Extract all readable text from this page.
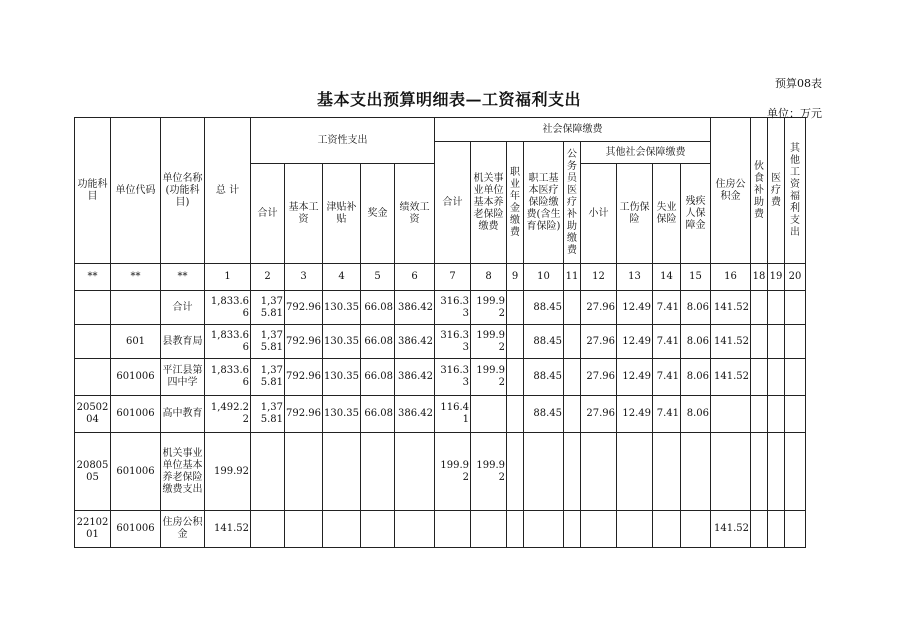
预算08表
基本支出预算明细表—工资福利支出
单位：万元
功能科目	单位代码	单位名称(功能科目)	总 计	工资性支出					社会保障缴费									住房公积金	伙食补助费	医疗费	其他工资福利支出
									合计	机关事业单位基本养老保险缴费	职业年金缴费	职工基本医疗保险缴费(含生育保险)	公务员医疗补助缴费	其他社会保障缴费							
				合计	基本工资	津贴补贴	奖金	绩效工资						小计	工伤保险	失业保险	残疾人保障金				

**	**	**	1	2	3	4	5	6	7	8	9	10	11	12	13	14	15	16	18	19	20
		合计	1,833.66	1,375.81	792.96	130.35	66.08	386.42	316.33	199.92		88.45		27.96	12.49	7.41	8.06	141.52			
	601	县教育局	1,833.66	1,375.81	792.96	130.35	66.08	386.42	316.33	199.92		88.45		27.96	12.49	7.41	8.06	141.52			
	601006	平江县第四中学	1,833.66	1,375.81	792.96	130.35	66.08	386.42	316.33	199.92		88.45		27.96	12.49	7.41	8.06	141.52			
2050204	601006	高中教育	1,492.22	1,375.81	792.96	130.35	66.08	386.42	116.41			88.45		27.96	12.49	7.41	8.06				
2080505	601006	机关事业单位基本养老保险缴费支出	199.92						199.92	199.92											
2210201	601006	住房公积金	141.52															141.52			
